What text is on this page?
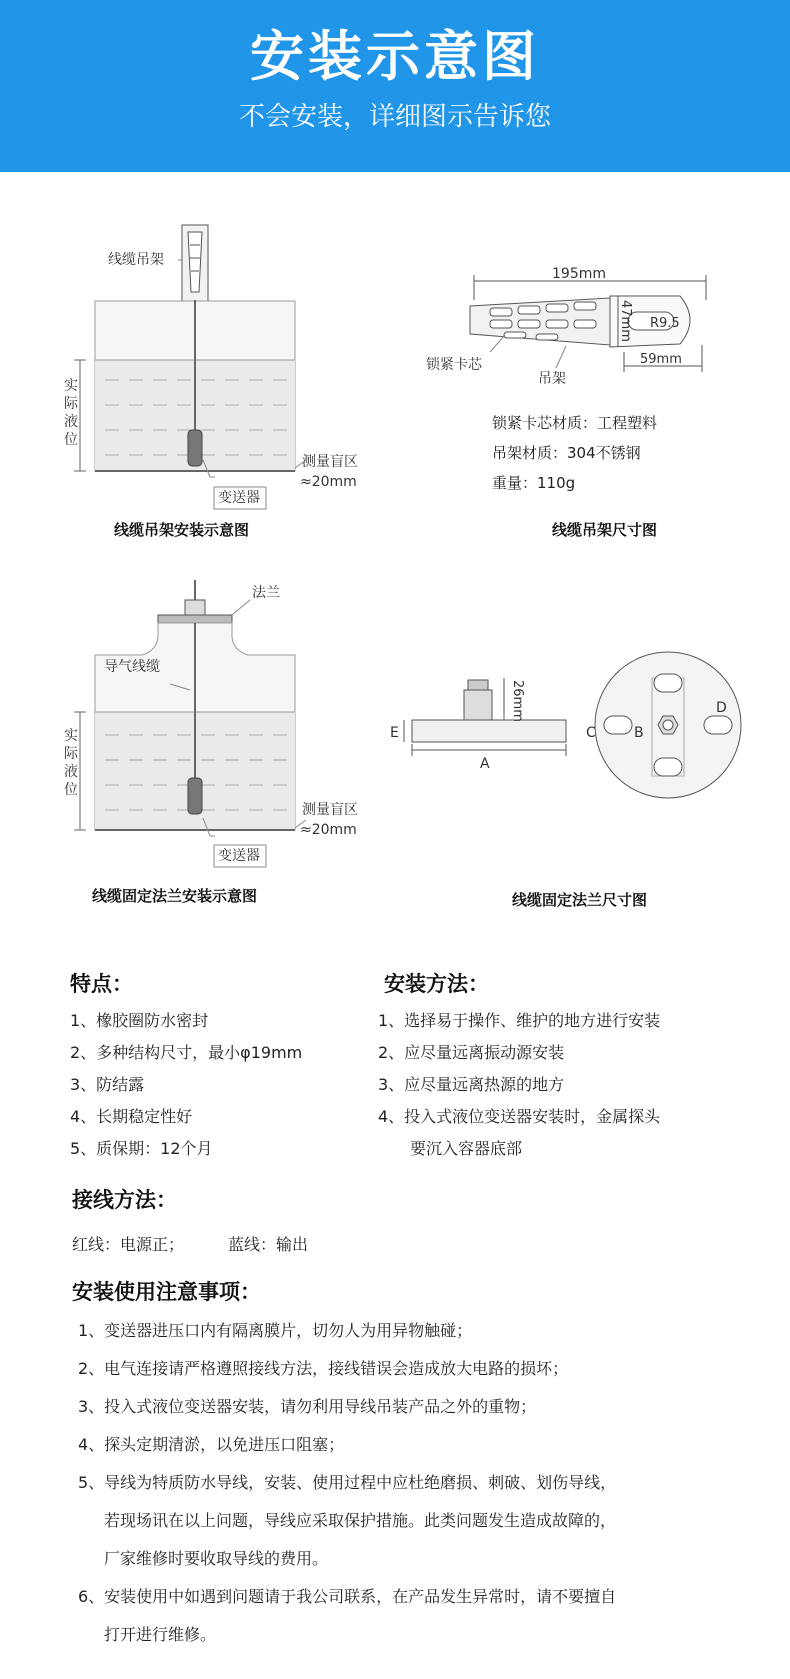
安装示意图
不会安装，详细图示告诉您
线缆吊架
实
际
液
位
测量盲区
≈20mm
变送器
195mm
47mm R9.5
59mm
锁紧卡芯
吊架
法兰
导气线缆
实
际
液
位
测量盲区
≈20mm
变送器
26mm
E
A
C	B
D
线缆吊架安装示意图
锁紧卡芯材质：工程塑料
吊架材质：304不锈钢
重量：110g
线缆吊架尺寸图
线缆固定法兰安装示意图	线缆固定法兰尺寸图
特点：
1、橡胶圈防水密封
2、多种结构尺寸，最小φ19mm
3、防结露
4、长期稳定性好
5、质保期：12个月
安装方法：
1、选择易于操作、维护的地方进行安装
2、应尽量远离振动源安装
3、应尽量远离热源的地方
4、投入式液位变送器安装时，金属探头
要沉入容器底部
接线方法：
红线：电源正；	蓝线：输出
安装使用注意事项：
1、变送器进压口内有隔离膜片，切勿人为用异物触碰；
2、电气连接请严格遵照接线方法，接线错误会造成放大电路的损坏；
3、投入式液位变送器安装，请勿利用导线吊装产品之外的重物；
4、探头定期清淤，以免进压口阻塞；
5、导线为特质防水导线，安装、使用过程中应杜绝磨损、刺破、划伤导线，
若现场讯在以上问题，导线应采取保护措施。此类问题发生造成故障的，
厂家维修时要收取导线的费用。
6、安装使用中如遇到问题请于我公司联系，在产品发生异常时，请不要擅自
打开进行维修。
